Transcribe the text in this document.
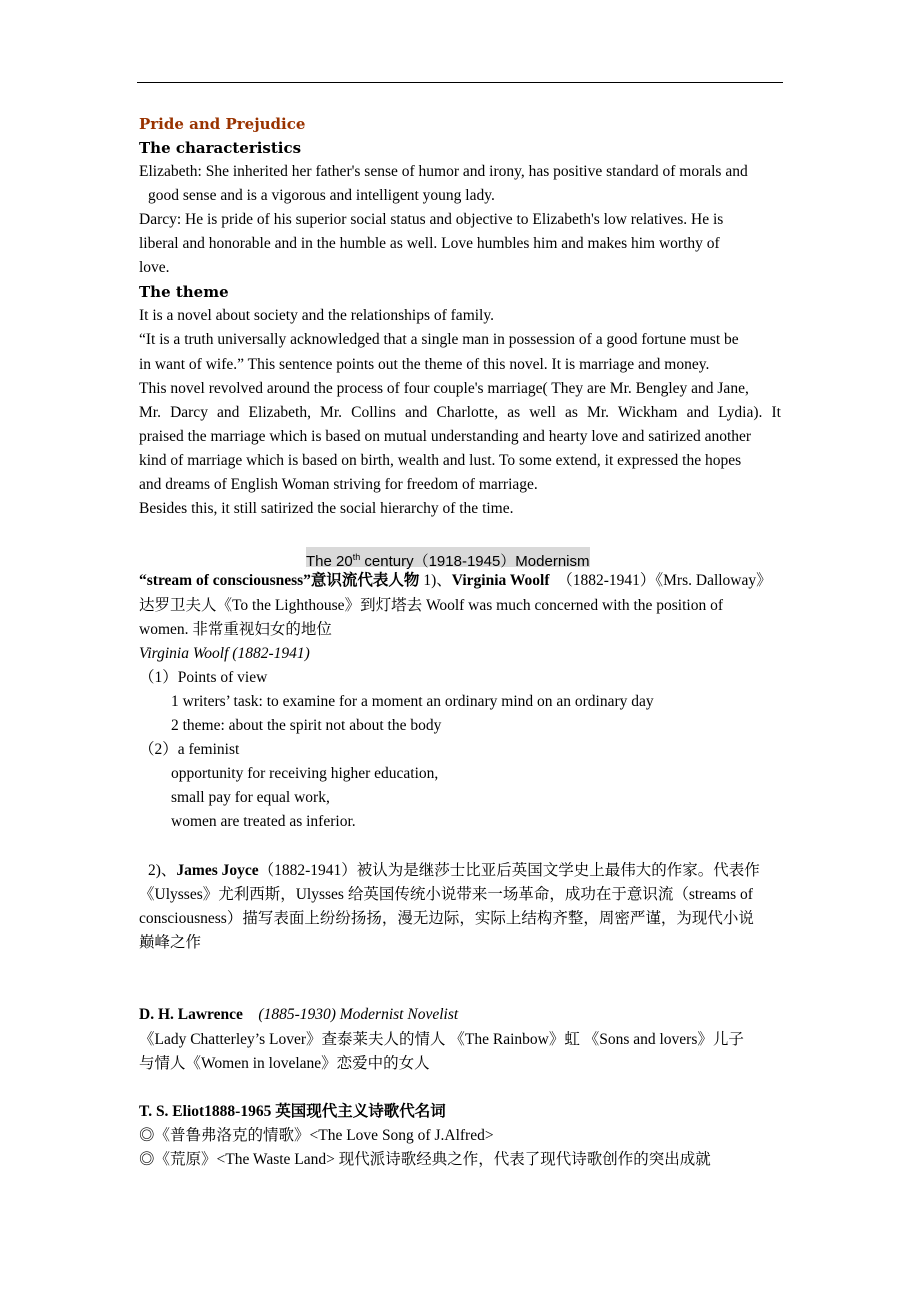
Pride and Prejudice
The characteristics
Elizabeth: She inherited her father's sense of humor and irony, has positive standard of morals and
good sense and is a vigorous and intelligent young lady.
Darcy: He is pride of his superior social status and objective to Elizabeth's low relatives. He is
liberal and honorable and in the humble as well. Love humbles him and makes him worthy of
love.
The theme
It is a novel about society and the relationships of family.
“It is a truth universally acknowledged that a single man in possession of a good fortune must be
in want of wife.” This sentence points out the theme of this novel. It is marriage and money.
This novel revolved around the process of four couple's marriage( They are Mr. Bengley and Jane,
Mr. Darcy and Elizabeth, Mr. Collins and Charlotte, as well as Mr. Wickham and Lydia). It
praised the marriage which is based on mutual understanding and hearty love and satirized another
kind of marriage which is based on birth, wealth and lust. To some extend, it expressed the hopes
and dreams of English Woman striving for freedom of marriage.
Besides this, it still satirized the social hierarchy of the time.
The 20th century（1918-1945）Modernism
“stream of consciousness”意识流代表人物 1)、Virginia Woolf　（1882-1941）《Mrs. Dalloway》
达罗卫夫人《To the Lighthouse》到灯塔去 Woolf was much concerned with the position of
women. 非常重视妇女的地位
Virginia Woolf (1882-1941)
（1）Points of view
1 writers’ task: to examine for a moment an ordinary mind on an ordinary day
2 theme: about the spirit not about the body
（2）a feminist
opportunity for receiving higher education,
small pay for equal work,
women are treated as inferior.
2)、James Joyce（1882-1941）被认为是继莎士比亚后英国文学史上最伟大的作家。代表作
《Ulysses》尤利西斯，Ulysses 给英国传统小说带来一场革命，成功在于意识流（streams of
consciousness）描写表面上纷纷扬扬，漫无边际，实际上结构齐整，周密严谨，为现代小说
巅峰之作
D. H. Lawrence (1885-1930) Modernist Novelist
《Lady Chatterley’s Lover》查泰莱夫人的情人 《The Rainbow》虹 《Sons and lovers》儿子
与情人《Women in lovelane》恋爱中的女人
T. S. Eliot1888-1965 英国现代主义诗歌代名词
◎《普鲁弗洛克的情歌》<The Love Song of J.Alfred>
◎《荒原》<The Waste Land> 现代派诗歌经典之作，代表了现代诗歌创作的突出成就
